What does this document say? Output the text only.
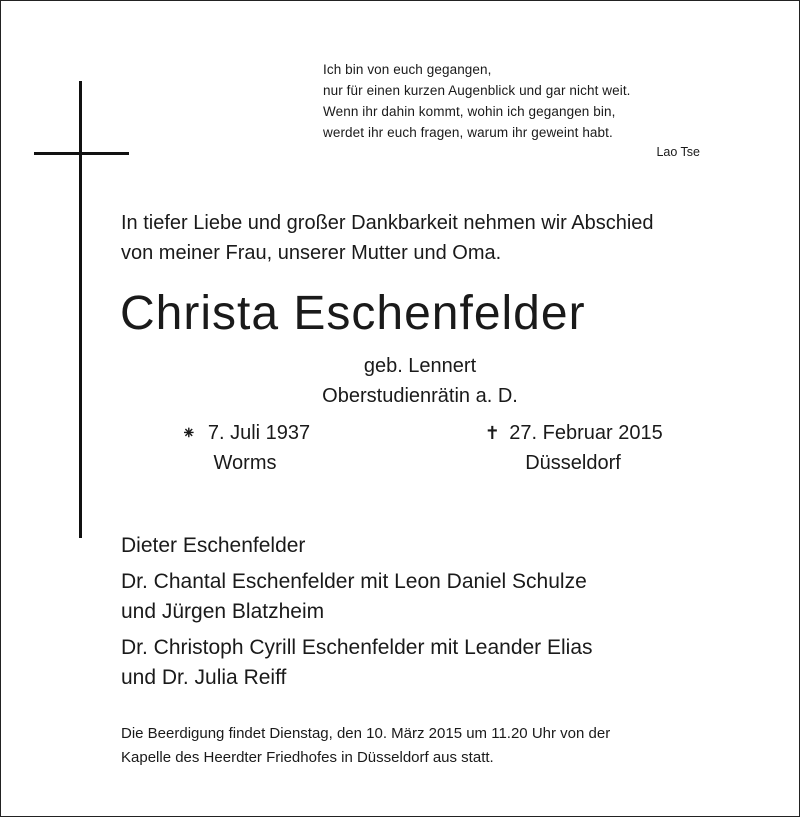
Ich bin von euch gegangen,
nur für einen kurzen Augenblick und gar nicht weit.
Wenn ihr dahin kommt, wohin ich gegangen bin,
werdet ihr euch fragen, warum ihr geweint habt.
Lao Tse
In tiefer Liebe und großer Dankbarkeit nehmen wir Abschied
von meiner Frau, unserer Mutter und Oma.
Christa Eschenfelder
geb. Lennert
Oberstudienrätin a. D.
⁕ 7. Juli 1937
Worms
✝ 27. Februar 2015
Düsseldorf
Dieter Eschenfelder
Dr. Chantal Eschenfelder mit Leon Daniel Schulze
und Jürgen Blatzheim
Dr. Christoph Cyrill Eschenfelder mit Leander Elias
und Dr. Julia Reiff
Die Beerdigung findet Dienstag, den 10. März 2015 um 11.20 Uhr von der
Kapelle des Heerdter Friedhofes in Düsseldorf aus statt.
